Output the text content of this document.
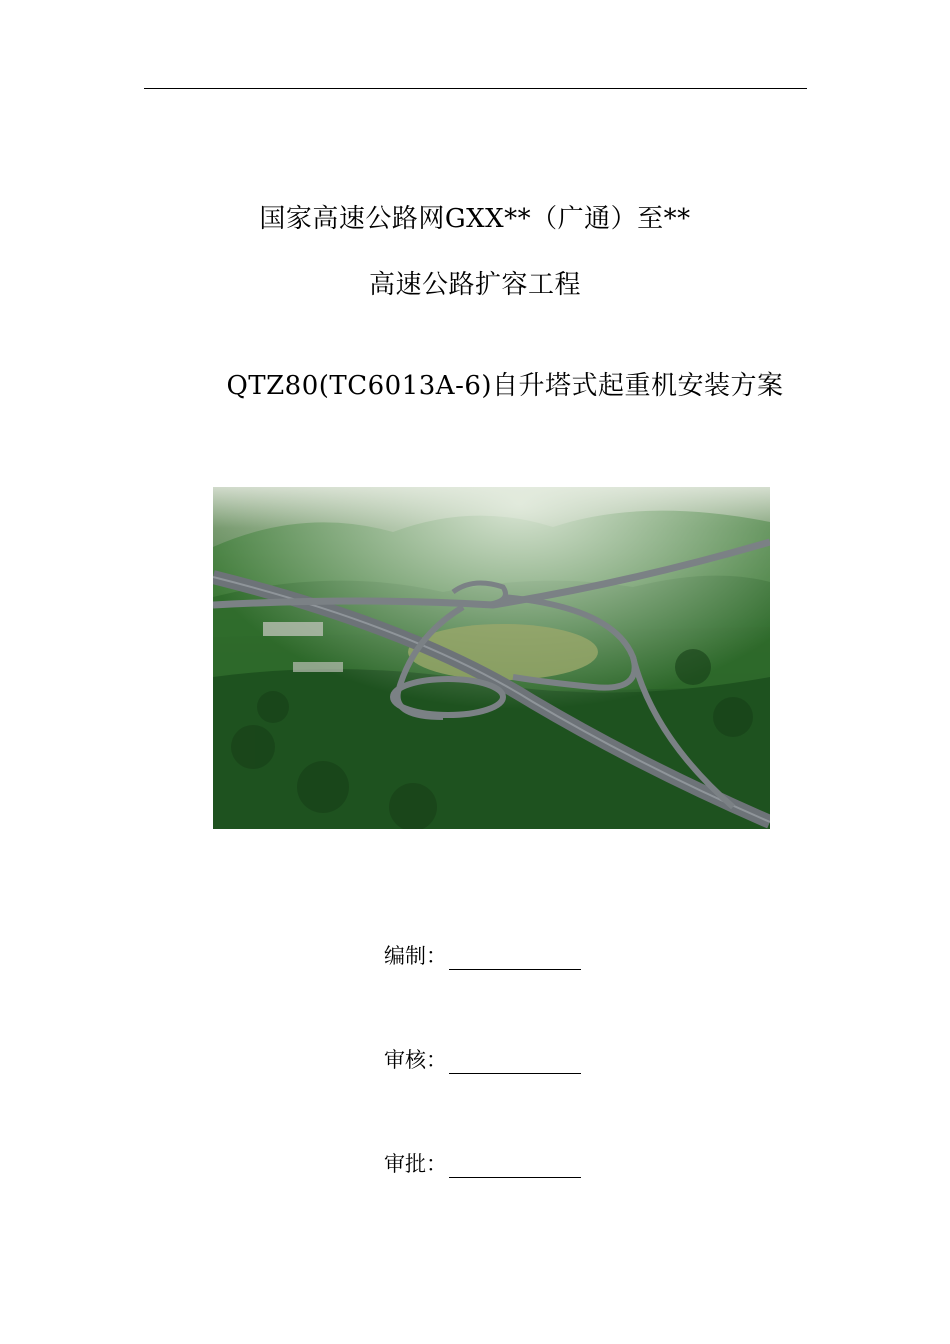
国家高速公路网GXX**（广通）至**
高速公路扩容工程
QTZ80(TC6013A-6)自升塔式起重机安装方案
编制：
审核：
审批：
